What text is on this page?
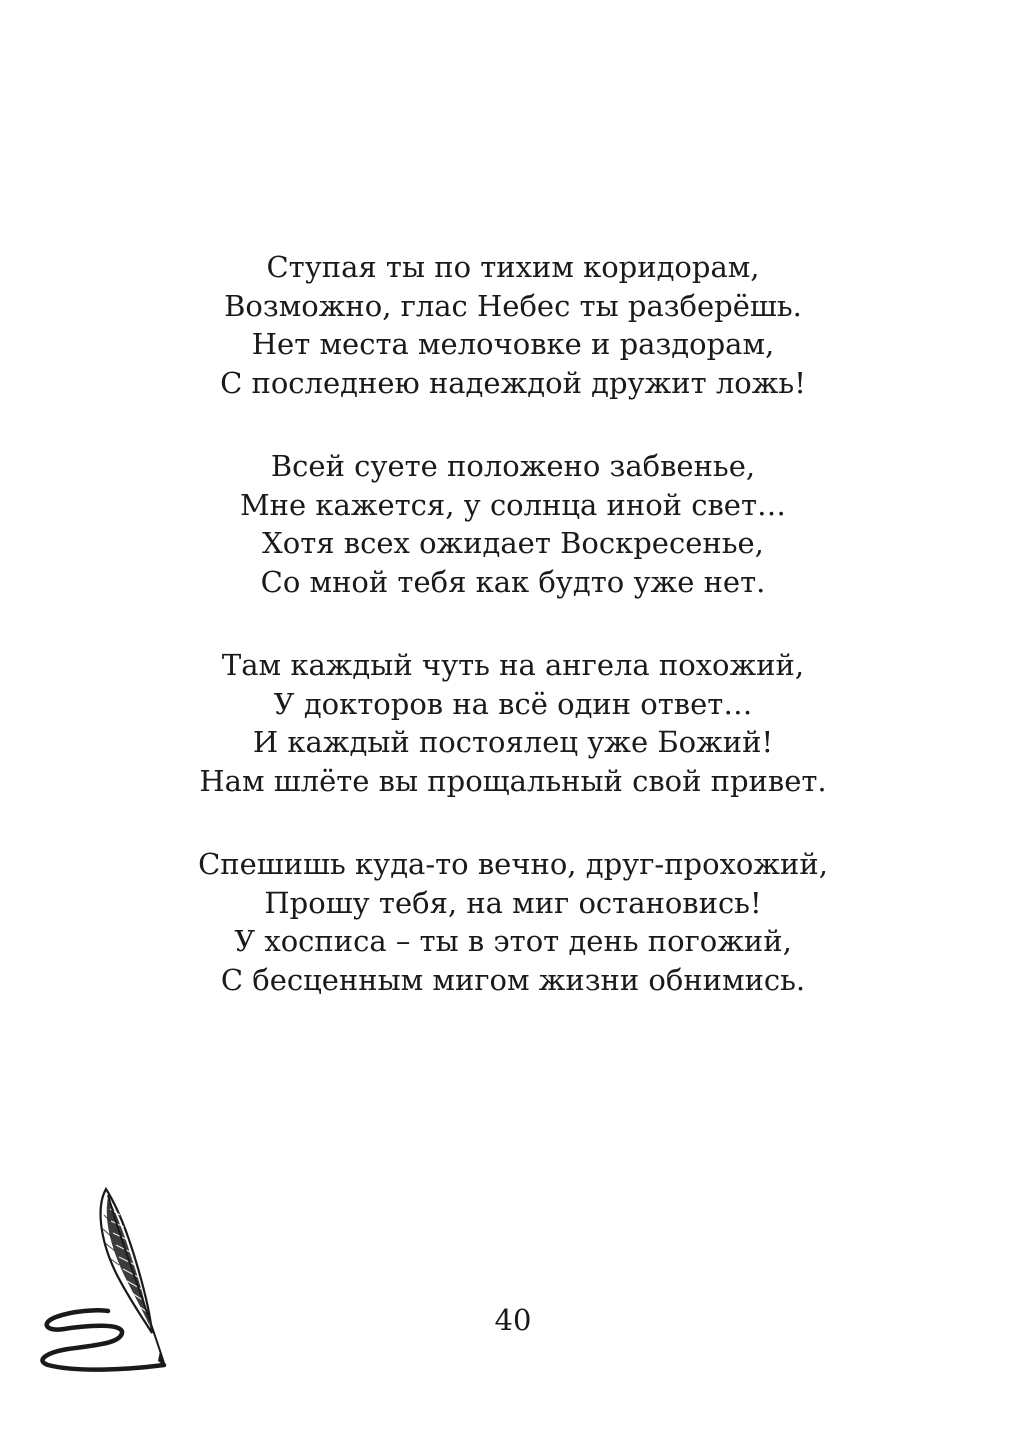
Ступая ты по тихим коридорам,
Возможно, глас Небес ты разберёшь.
Нет места мелочовке и раздорам,
С последнею надеждой дружит ложь!
Всей суете положено забвенье,
Мне кажется, у солнца иной свет…
Хотя всех ожидает Воскресенье,
Со мной тебя как будто уже нет.
Там каждый чуть на ангела похожий,
У докторов на всё один ответ…
И каждый постоялец уже Божий!
Нам шлёте вы прощальный свой привет.
Спешишь куда-то вечно, друг-прохожий,
Прошу тебя, на миг остановись!
У хосписа – ты в этот день погожий,
С бесценным мигом жизни обнимись.
40
